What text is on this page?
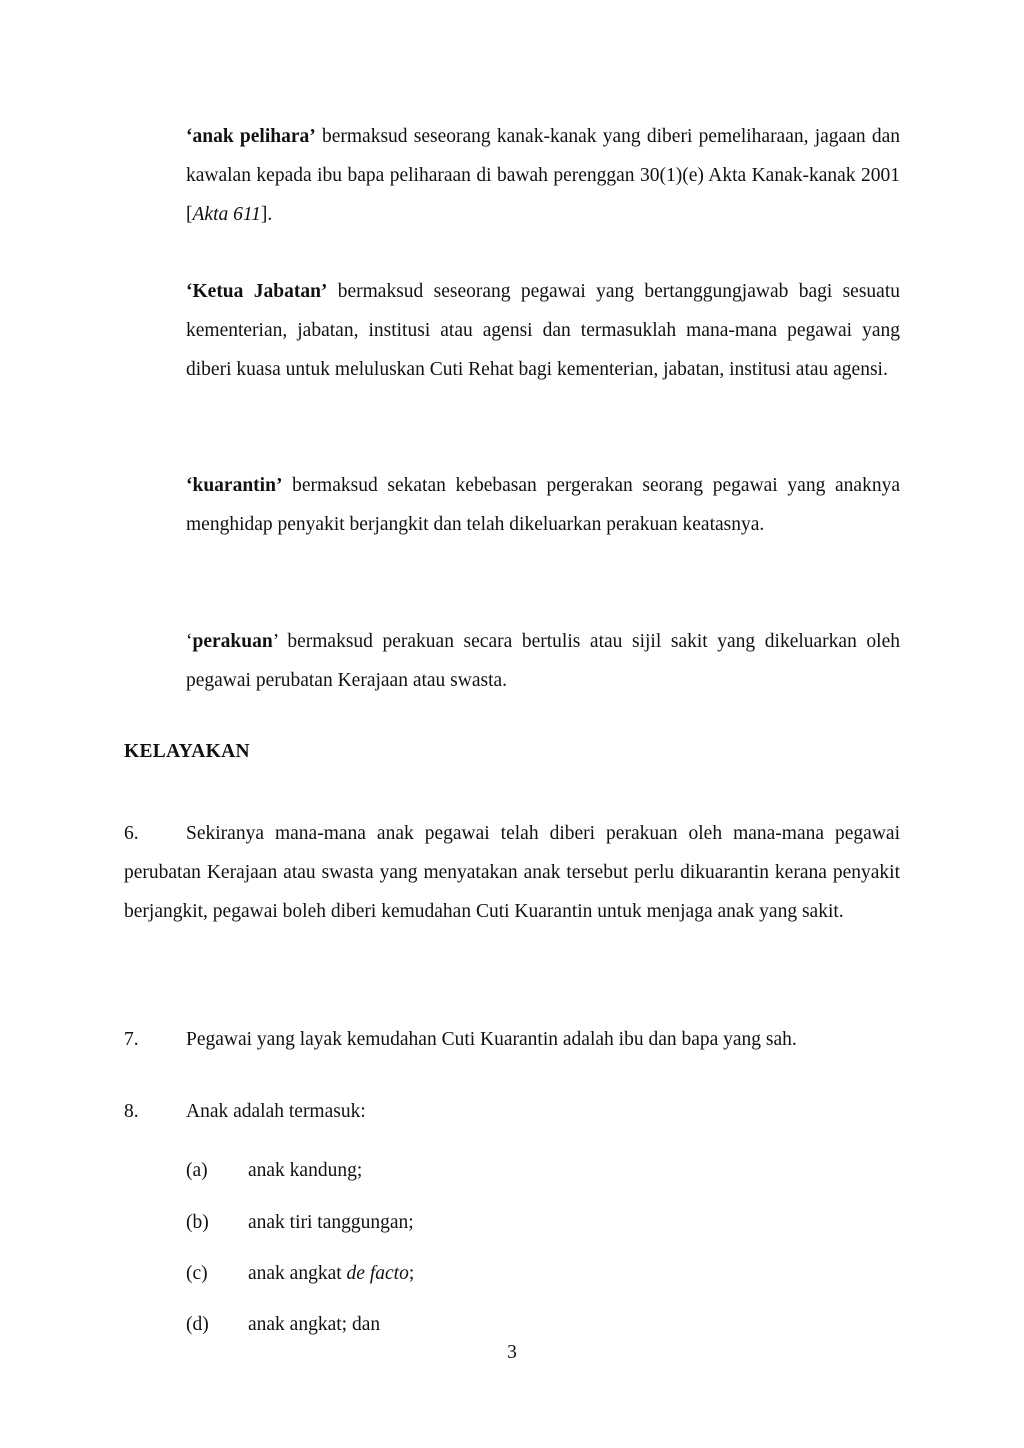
‘anak pelihara’ bermaksud seseorang kanak-kanak yang diberi pemeliharaan, jagaan dan kawalan kepada ibu bapa peliharaan di bawah perenggan 30(1)(e) Akta Kanak-kanak 2001 [Akta 611].

‘Ketua Jabatan’ bermaksud seseorang pegawai yang bertanggungjawab bagi sesuatu kementerian, jabatan, institusi atau agensi dan termasuklah mana-mana pegawai yang diberi kuasa untuk meluluskan Cuti Rehat bagi kementerian, jabatan, institusi atau agensi.

‘kuarantin’ bermaksud sekatan kebebasan pergerakan seorang pegawai yang anaknya menghidap penyakit berjangkit dan telah dikeluarkan perakuan keatasnya.

‘perakuan’ bermaksud perakuan secara bertulis atau sijil sakit yang dikeluarkan oleh pegawai perubatan Kerajaan atau swasta.

KELAYAKAN

6. Sekiranya mana-mana anak pegawai telah diberi perakuan oleh mana-mana pegawai perubatan Kerajaan atau swasta yang menyatakan anak tersebut perlu dikuarantin kerana penyakit berjangkit, pegawai boleh diberi kemudahan Cuti Kuarantin untuk menjaga anak yang sakit.

7. Pegawai yang layak kemudahan Cuti Kuarantin adalah ibu dan bapa yang sah.

8. Anak adalah termasuk:

(a) anak kandung;

(b) anak tiri tanggungan;

(c) anak angkat de facto;

(d) anak angkat; dan

3
